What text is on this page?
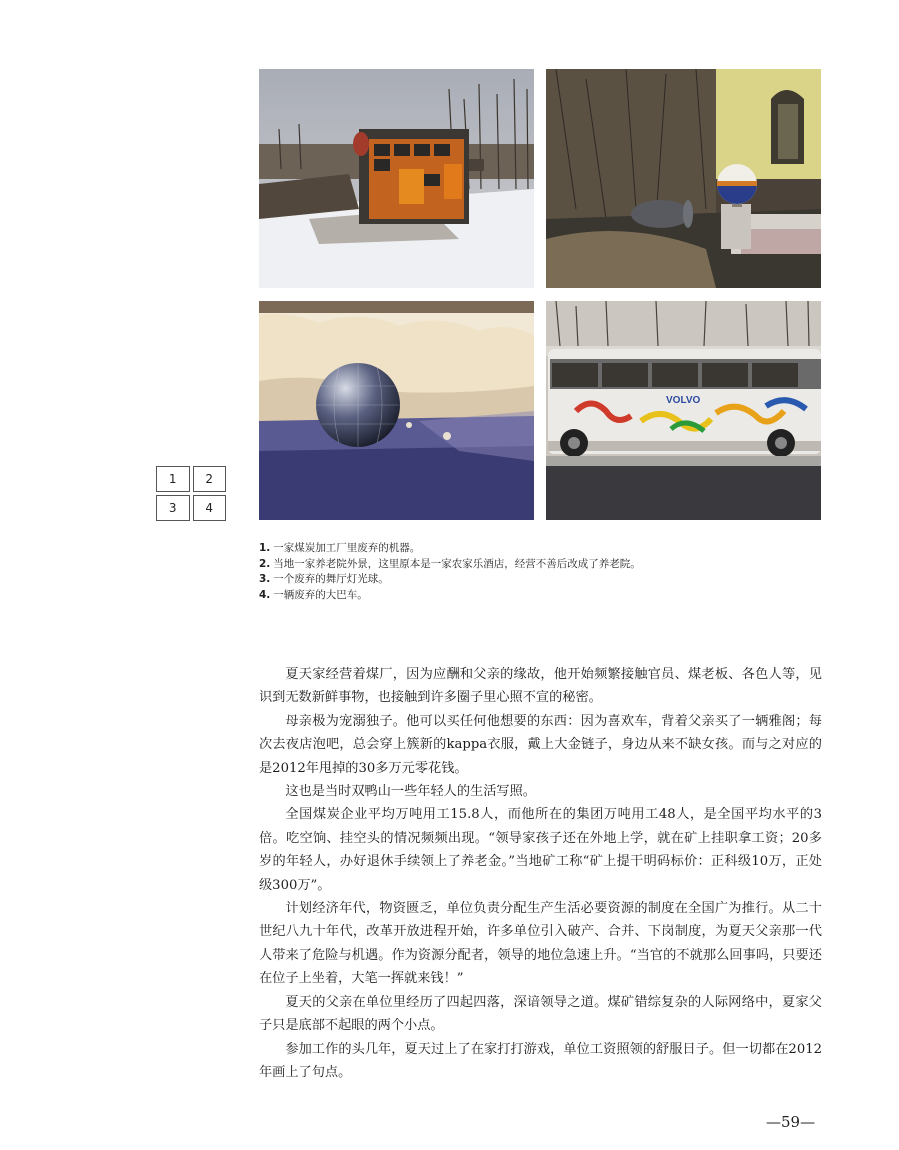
VOLVO
1	2
3	4
1. 一家煤炭加工厂里废弃的机器。
2. 当地一家养老院外景，这里原本是一家农家乐酒店，经营不善后改成了养老院。
3. 一个废弃的舞厅灯光球。
4. 一辆废弃的大巴车。

夏天家经营着煤厂，因为应酬和父亲的缘故，他开始频繁接触官员、煤老板、各色人等，见识到无数新鲜事物，也接触到许多圈子里心照不宣的秘密。

母亲极为宠溺独子。他可以买任何他想要的东西：因为喜欢车，背着父亲买了一辆雅阁；每次去夜店泡吧，总会穿上簇新的kappa衣服，戴上大金链子，身边从来不缺女孩。而与之对应的是2012年甩掉的30多万元零花钱。

这也是当时双鸭山一些年轻人的生活写照。

全国煤炭企业平均万吨用工15.8人，而他所在的集团万吨用工48人，是全国平均水平的3倍。吃空饷、挂空头的情况频频出现。“领导家孩子还在外地上学，就在矿上挂职拿工资；20多岁的年轻人，办好退休手续领上了养老金。”当地矿工称“矿上提干明码标价：正科级10万，正处级300万”。

计划经济年代，物资匮乏，单位负责分配生产生活必要资源的制度在全国广为推行。从二十世纪八九十年代，改革开放进程开始，许多单位引入破产、合并、下岗制度，为夏天父亲那一代人带来了危险与机遇。作为资源分配者，领导的地位急速上升。“当官的不就那么回事吗，只要还在位子上坐着，大笔一挥就来钱！”

夏天的父亲在单位里经历了四起四落，深谙领导之道。煤矿错综复杂的人际网络中，夏家父子只是底部不起眼的两个小点。

参加工作的头几年，夏天过上了在家打打游戏，单位工资照领的舒服日子。但一切都在2012年画上了句点。

—59—
